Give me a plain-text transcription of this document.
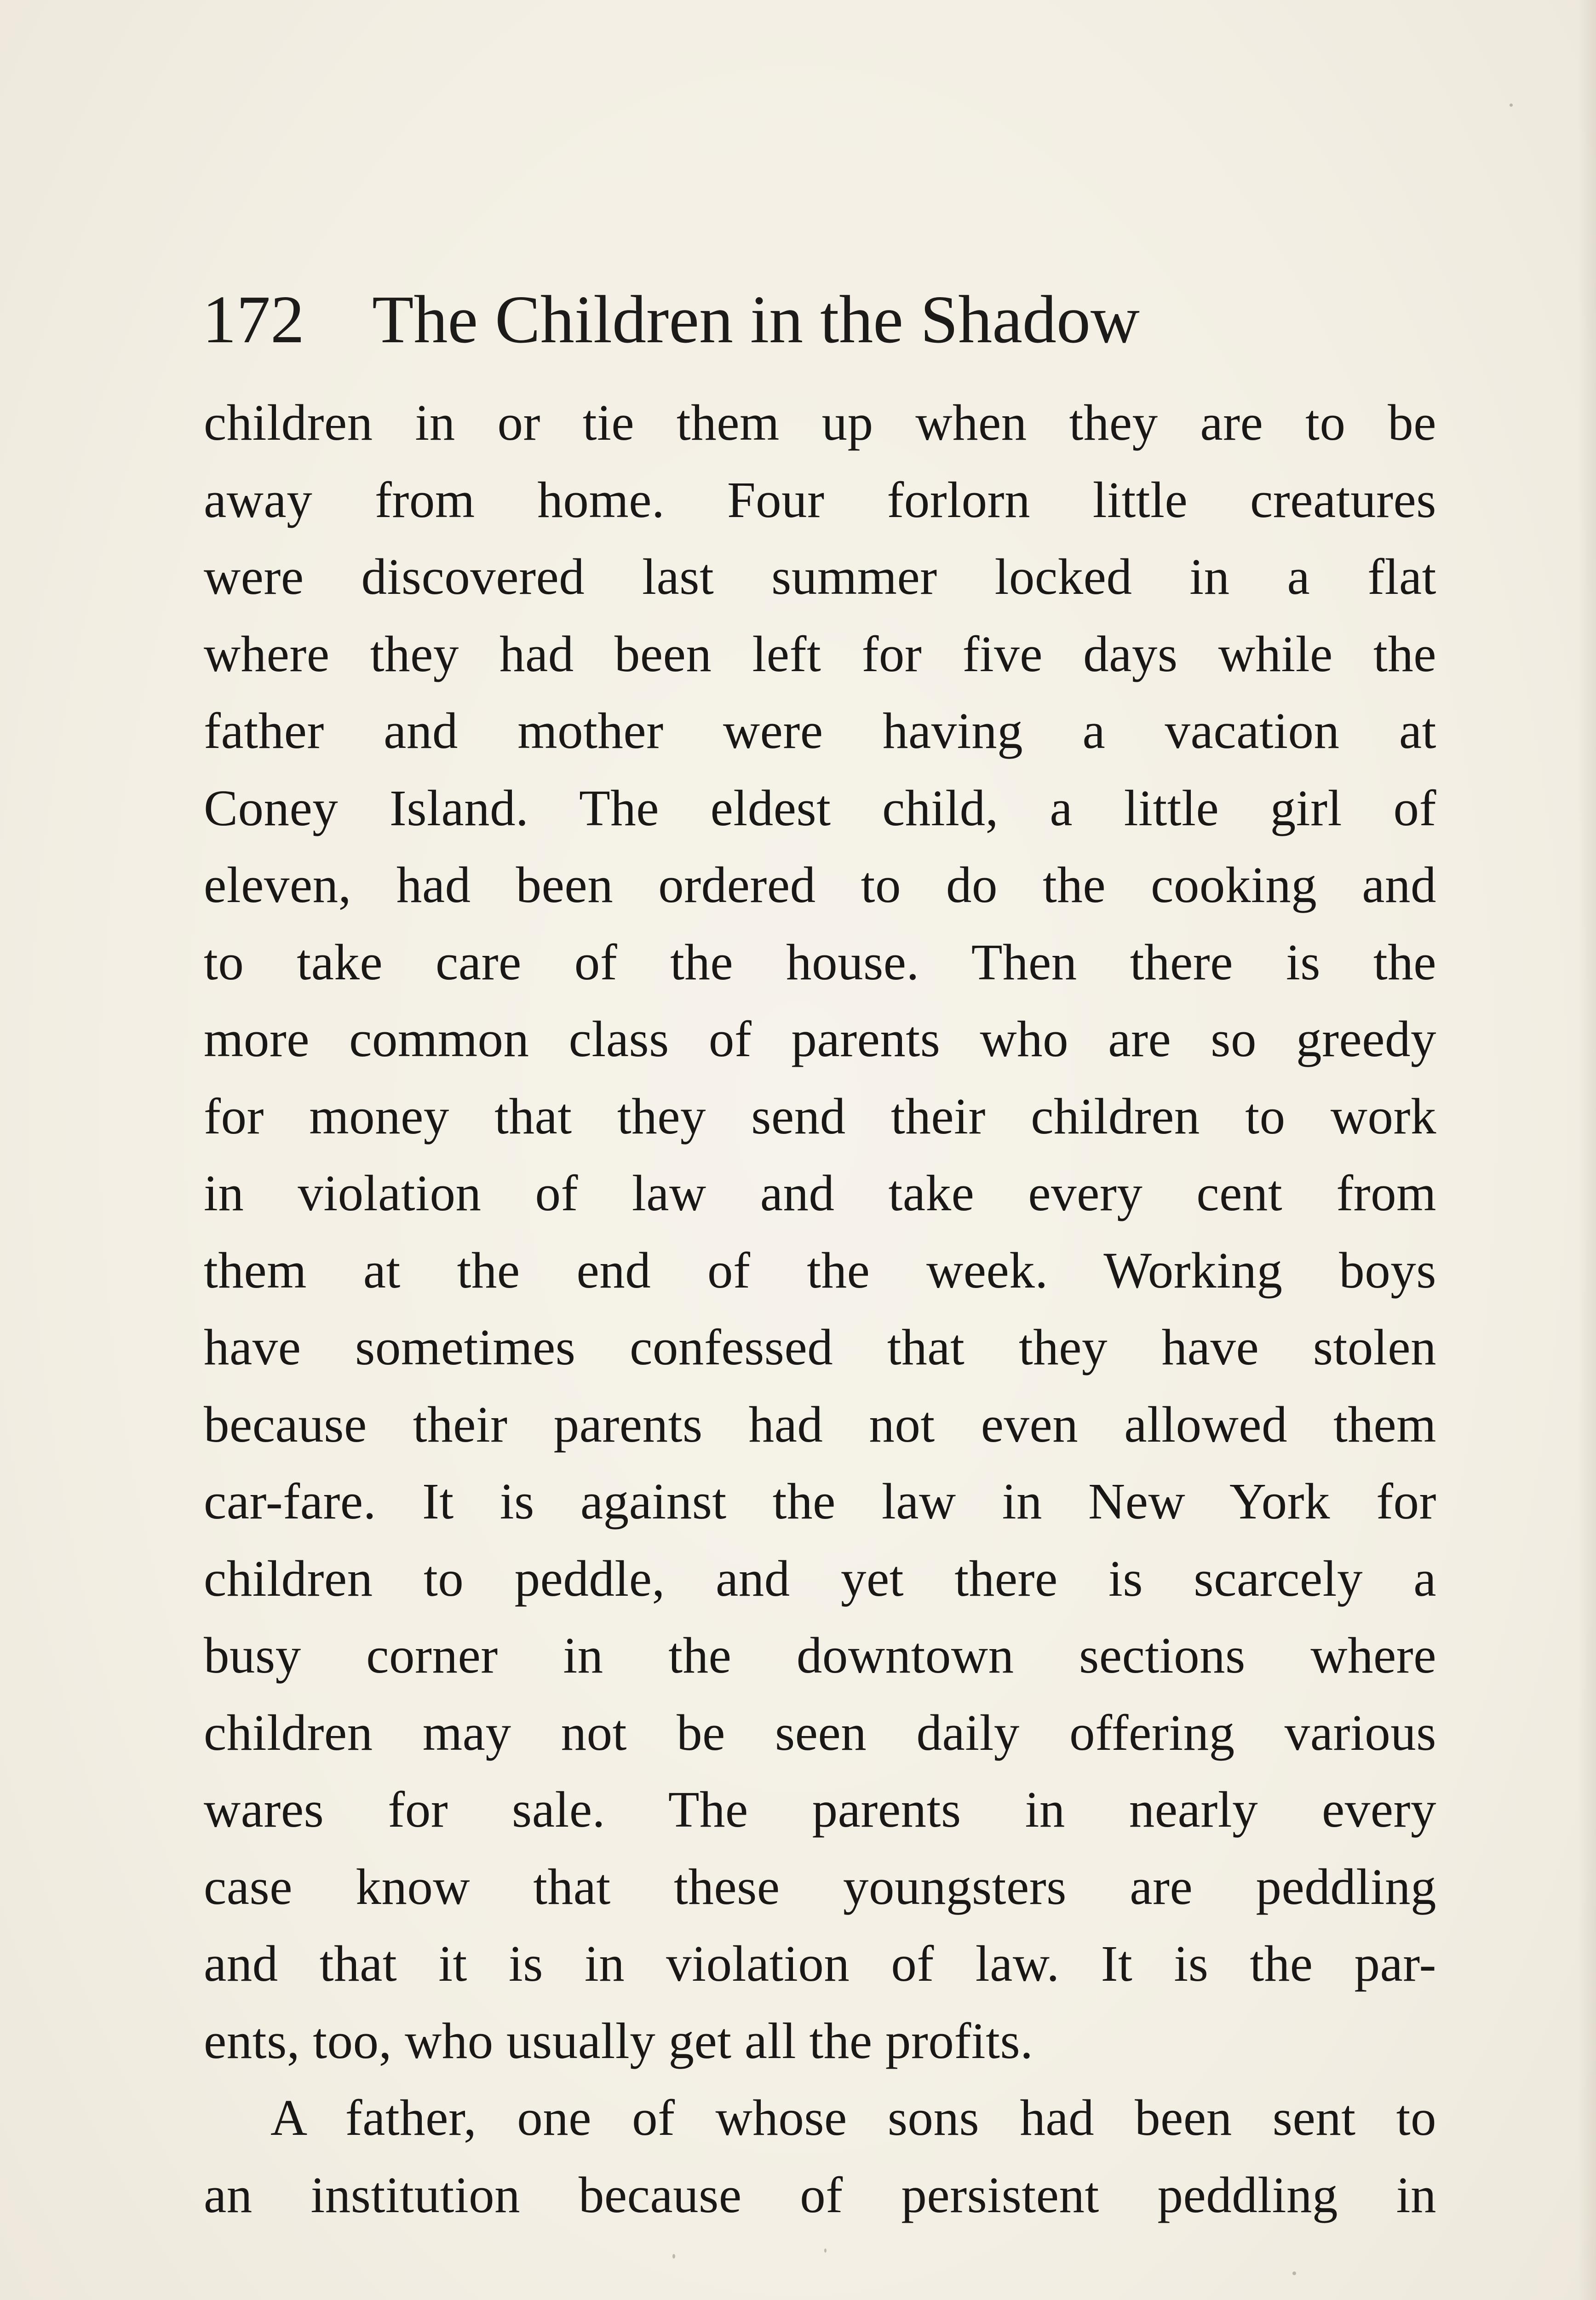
172 The Children in the Shadow
children in or tie them up when they are to be
away from home. Four forlorn little creatures
were discovered last summer locked in a flat
where they had been left for five days while the
father and mother were having a vacation at
Coney Island. The eldest child, a little girl of
eleven, had been ordered to do the cooking and
to take care of the house. Then there is the
more common class of parents who are so greedy
for money that they send their children to work
in violation of law and take every cent from
them at the end of the week. Working boys
have sometimes confessed that they have stolen
because their parents had not even allowed them
car-fare. It is against the law in New York for
children to peddle, and yet there is scarcely a
busy corner in the downtown sections where
children may not be seen daily offering various
wares for sale. The parents in nearly every
case know that these youngsters are peddling
and that it is in violation of law. It is the par-
ents, too, who usually get all the profits.
A father, one of whose sons had been sent to
an institution because of persistent peddling in
